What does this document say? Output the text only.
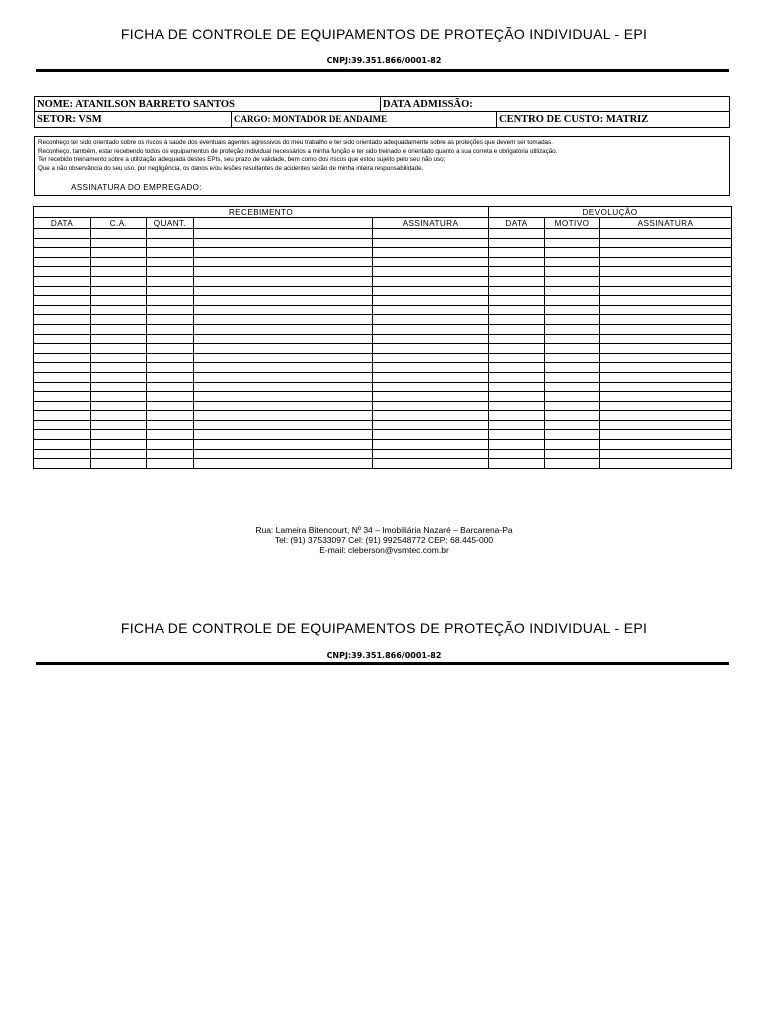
FICHA DE CONTROLE DE EQUIPAMENTOS DE PROTEÇÃO INDIVIDUAL - EPI
CNPJ:39.351.866/0001-82
NOME: ATANILSON BARRETO SANTOS	DATA ADMISSÃO:
SETOR: VSM	CARGO: MONTADOR DE ANDAIME	CENTRO DE CUSTO: MATRIZ
Reconheço ter sido orientado sobre os riscos à saúde dos eventuais agentes agressivos do meu trabalho e ter sido orientado adequadamente sobre as proteções que devem ser tomadas.
Reconheço, também, estar recebendo todos os equipamentos de proteção individual necessários a minha função e ter sido treinado e orientado quanto a sua correta e obrigatória utilização.
Ter recebido treinamento sobre a utilização adequada destes EPIs, seu prazo de validade, bem como dos riscos que estou sujeito pelo seu não uso;
Que a não observância do seu uso, por negligência, os danos e/ou lesões resultantes de acidentes serão de minha inteira responsabilidade.
ASSINATURA DO EMPREGADO:
RECEBIMENTO					DEVOLUÇÃO		
DATA	C.A.	QUANT.		ASSINATURA	DATA	MOTIVO	ASSINATURA

Rua: Lameira Bitencourt, Nº 34 – Imobiliária Nazaré – Barcarena-Pa
Tel: (91) 37533097 Cel: (91) 992548772 CEP: 68.445-000
E-mail: cleberson@vsmtec.com.br
FICHA DE CONTROLE DE EQUIPAMENTOS DE PROTEÇÃO INDIVIDUAL - EPI
CNPJ:39.351.866/0001-82
